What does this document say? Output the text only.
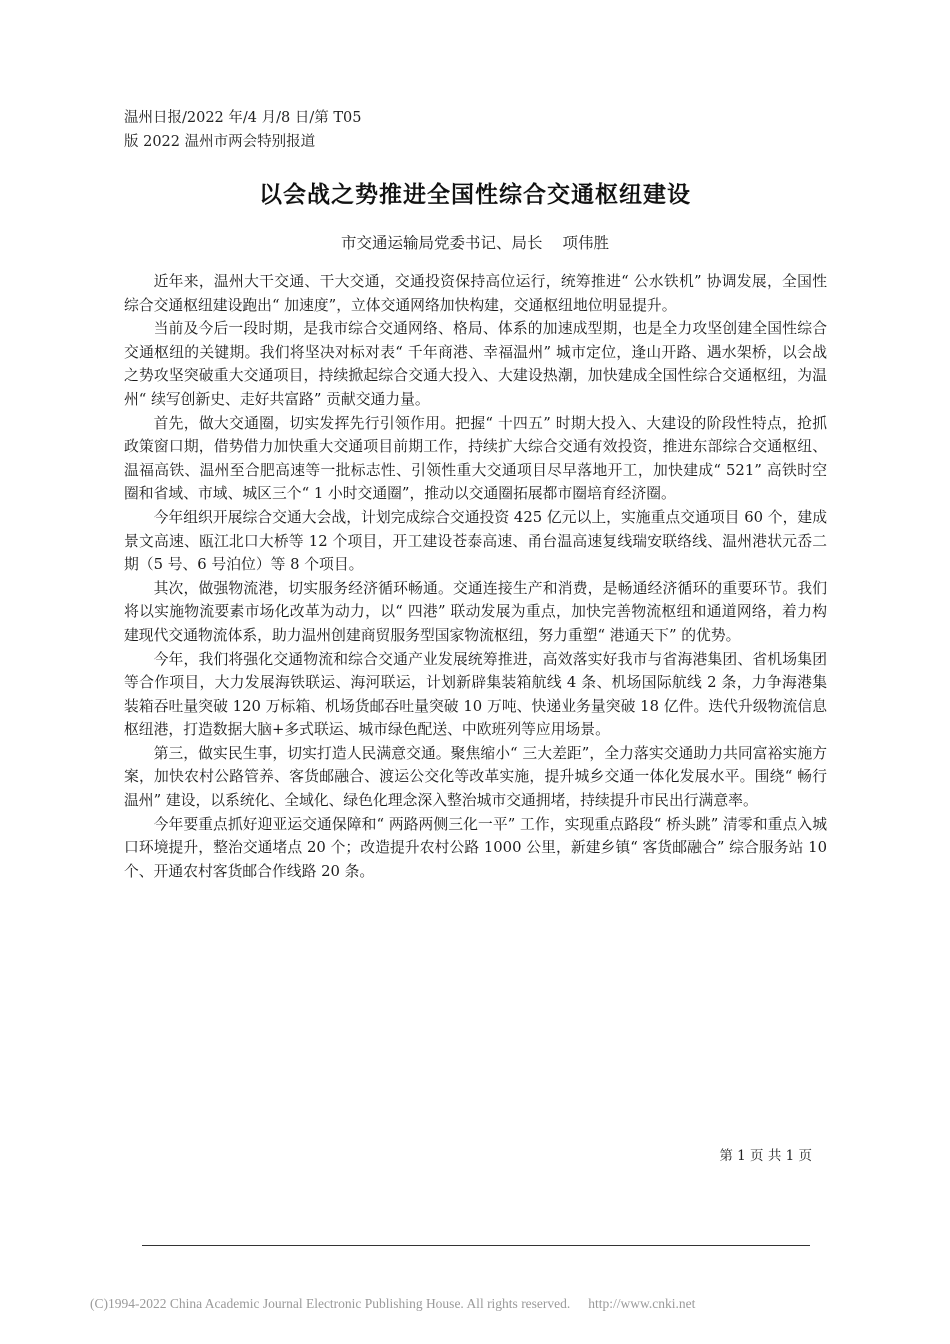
温州日报/2022 年/4 月/8 日/第 T05
版 2022 温州市两会特别报道
以会战之势推进全国性综合交通枢纽建设
市交通运输局党委书记、局长 项伟胜

近年来，温州大干交通、干大交通，交通投资保持高位运行，统筹推进“ 公水铁机” 协调发展，全国性综合交通枢纽建设跑出“ 加速度”，立体交通网络加快构建，交通枢纽地位明显提升。

当前及今后一段时期，是我市综合交通网络、格局、体系的加速成型期，也是全力攻坚创建全国性综合交通枢纽的关键期。我们将坚决对标对表“ 千年商港、幸福温州” 城市定位，逢山开路、遇水架桥，以会战之势攻坚突破重大交通项目，持续掀起综合交通大投入、大建设热潮，加快建成全国性综合交通枢纽，为温州“ 续写创新史、走好共富路” 贡献交通力量。

首先，做大交通圈，切实发挥先行引领作用。把握“ 十四五” 时期大投入、大建设的阶段性特点，抢抓政策窗口期，借势借力加快重大交通项目前期工作，持续扩大综合交通有效投资，推进东部综合交通枢纽、温福高铁、温州至合肥高速等一批标志性、引领性重大交通项目尽早落地开工，加快建成“ 521” 高铁时空圈和省域、市域、城区三个“ 1 小时交通圈”，推动以交通圈拓展都市圈培育经济圈。

今年组织开展综合交通大会战，计划完成综合交通投资 425 亿元以上，实施重点交通项目 60 个，建成景文高速、瓯江北口大桥等 12 个项目，开工建设苍泰高速、甬台温高速复线瑞安联络线、温州港状元岙二期（5 号、6 号泊位）等 8 个项目。

其次，做强物流港，切实服务经济循环畅通。交通连接生产和消费，是畅通经济循环的重要环节。我们将以实施物流要素市场化改革为动力，以“ 四港” 联动发展为重点，加快完善物流枢纽和通道网络，着力构建现代交通物流体系，助力温州创建商贸服务型国家物流枢纽，努力重塑“ 港通天下” 的优势。

今年，我们将强化交通物流和综合交通产业发展统筹推进，高效落实好我市与省海港集团、省机场集团等合作项目，大力发展海铁联运、海河联运，计划新辟集装箱航线 4 条、机场国际航线 2 条，力争海港集装箱吞吐量突破 120 万标箱、机场货邮吞吐量突破 10 万吨、快递业务量突破 18 亿件。迭代升级物流信息枢纽港，打造数据大脑+多式联运、城市绿色配送、中欧班列等应用场景。

第三，做实民生事，切实打造人民满意交通。聚焦缩小“ 三大差距”，全力落实交通助力共同富裕实施方案，加快农村公路管养、客货邮融合、渡运公交化等改革实施，提升城乡交通一体化发展水平。围绕“ 畅行温州” 建设，以系统化、全域化、绿色化理念深入整治城市交通拥堵，持续提升市民出行满意率。

今年要重点抓好迎亚运交通保障和“ 两路两侧三化一平” 工作，实现重点路段“ 桥头跳” 清零和重点入城口环境提升，整治交通堵点 20 个；改造提升农村公路 1000 公里，新建乡镇“ 客货邮融合” 综合服务站 10 个、开通农村客货邮合作线路 20 条。

第 1 页 共 1 页
(C)1994-2022 China Academic Journal Electronic Publishing House. All rights reserved. http://www.cnki.net
